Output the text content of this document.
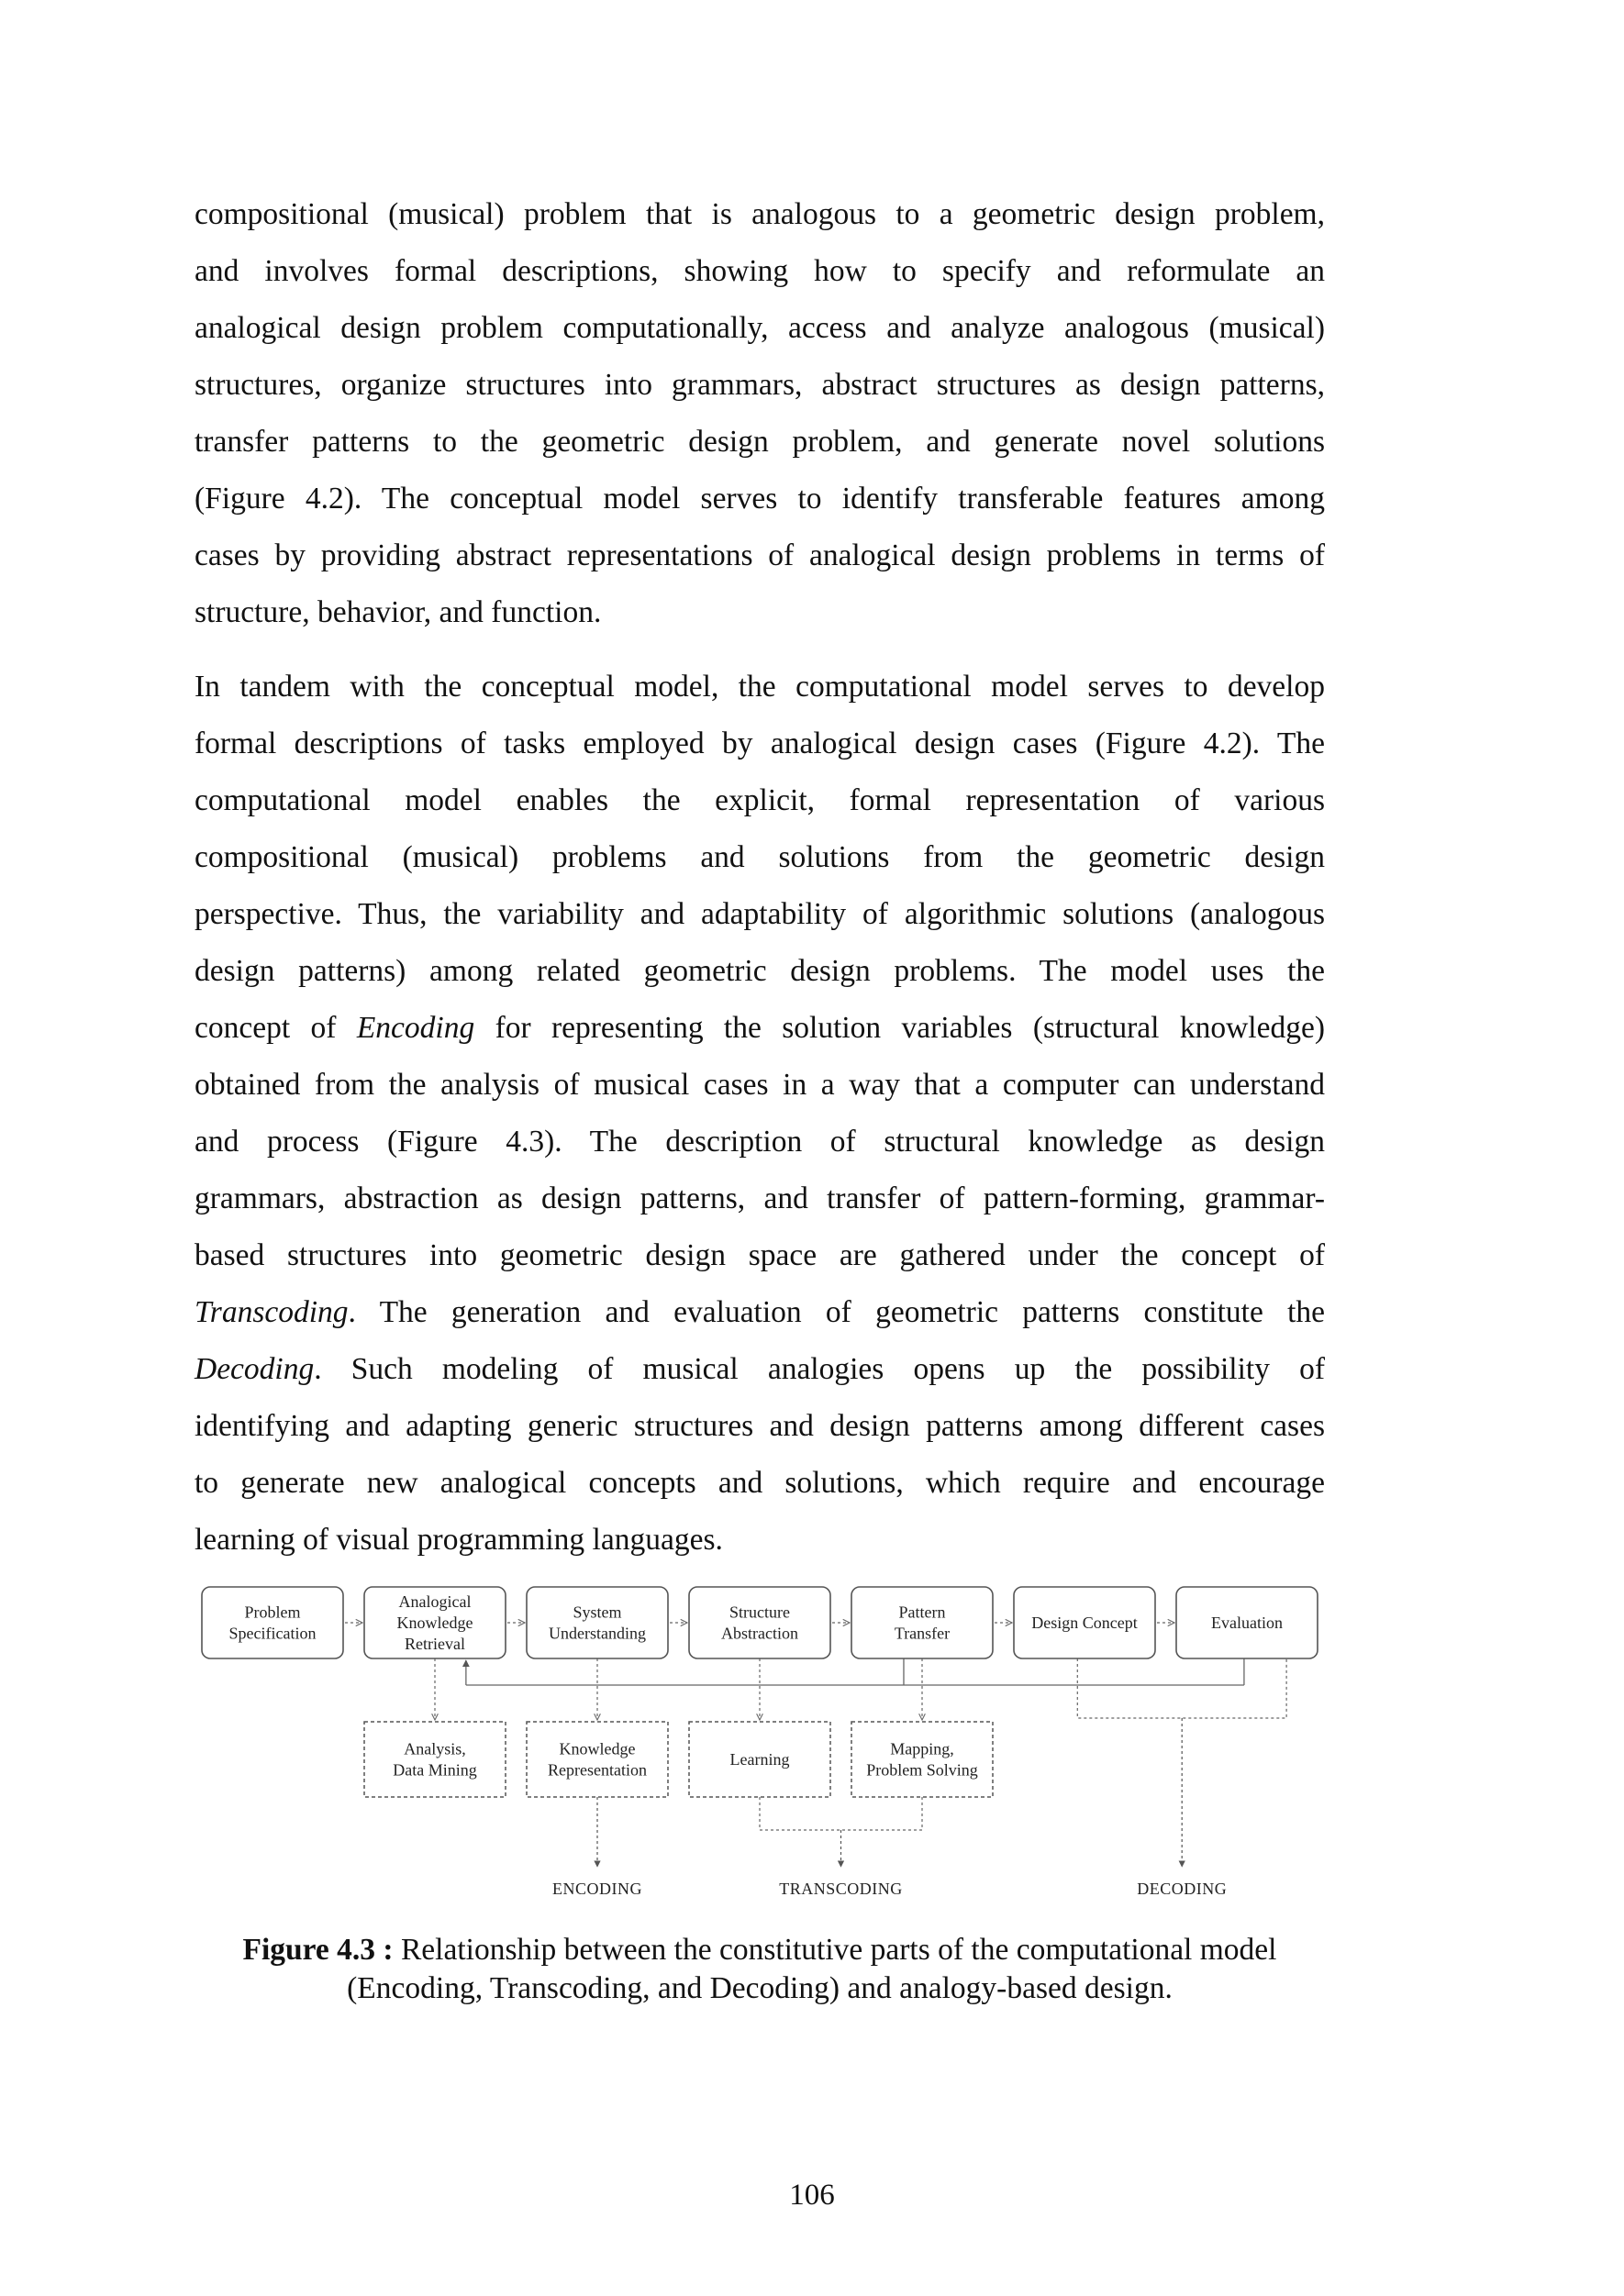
compositional (musical) problem that is analogous to a geometric design problem,
and involves formal descriptions, showing how to specify and reformulate an
analogical design problem computationally, access and analyze analogous (musical)
structures, organize structures into grammars, abstract structures as design patterns,
transfer patterns to the geometric design problem, and generate novel solutions
(Figure 4.2). The conceptual model serves to identify transferable features among
cases by providing abstract representations of analogical design problems in terms of
structure, behavior, and function.
In tandem with the conceptual model, the computational model serves to develop
formal descriptions of tasks employed by analogical design cases (Figure 4.2). The
computational model enables the explicit, formal representation of various
compositional (musical) problems and solutions from the geometric design
perspective. Thus, the variability and adaptability of algorithmic solutions (analogous
design patterns) among related geometric design problems. The model uses the
concept of Encoding for representing the solution variables (structural knowledge)
obtained from the analysis of musical cases in a way that a computer can understand
and process (Figure 4.3). The description of structural knowledge as design
grammars, abstraction as design patterns, and transfer of pattern-forming, grammar-
based structures into geometric design space are gathered under the concept of
Transcoding. The generation and evaluation of geometric patterns constitute the
Decoding. Such modeling of musical analogies opens up the possibility of
identifying and adapting generic structures and design patterns among different cases
to generate new analogical concepts and solutions, which require and encourage
learning of visual programming languages.
Problem
Specification
Analogical
Knowledge
Retrieval
System
Understanding
Structure
Abstraction
Pattern
Transfer
Design Concept	Evaluation
Analysis,
Data Mining
Knowledge
Representation
Learning
Mapping,
Problem Solving
ENCODING	TRANSCODING	DECODING
Figure 4.3 : Relationship between the constitutive parts of the computational model
(Encoding, Transcoding, and Decoding) and analogy-based design.
106
